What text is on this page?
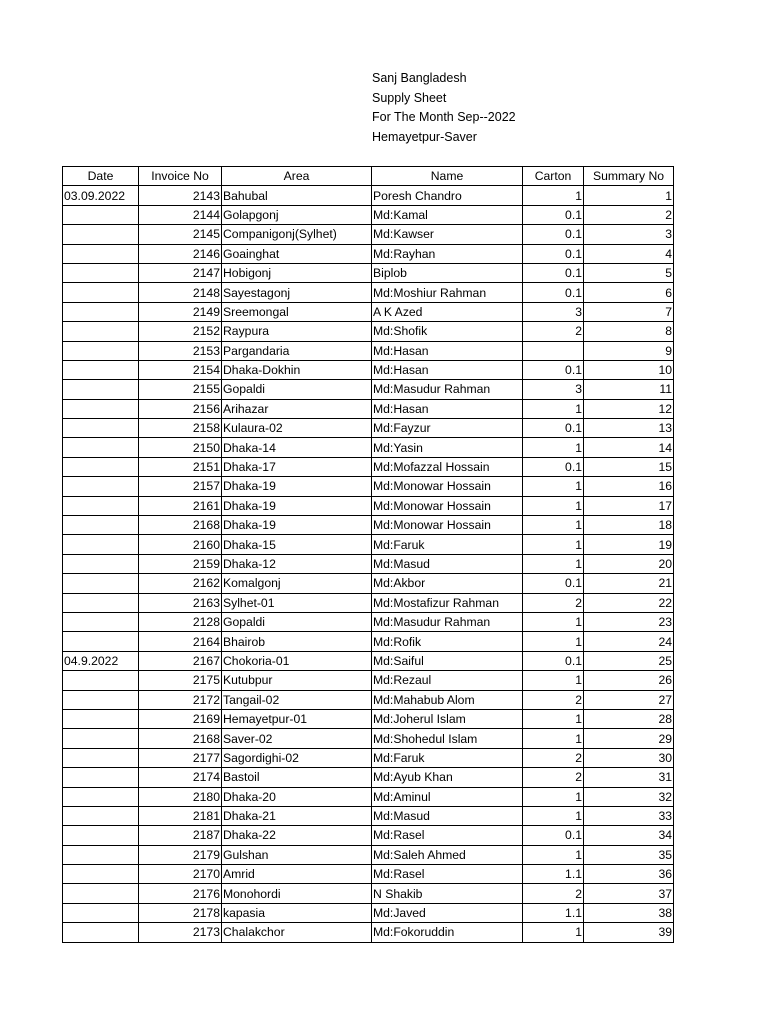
Sanj Bangladesh
Supply Sheet
For The Month Sep--2022
Hemayetpur-Saver
Date	Invoice No	Area	Name	Carton	Summary No
03.09.2022	2143	Bahubal	Poresh Chandro	1	1
	2144	Golapgonj	Md:Kamal	0.1	2
	2145	Companigonj(Sylhet)	Md:Kawser	0.1	3
	2146	Goainghat	Md:Rayhan	0.1	4
	2147	Hobigonj	Biplob	0.1	5
	2148	Sayestagonj	Md:Moshiur Rahman	0.1	6
	2149	Sreemongal	A K Azed	3	7
	2152	Raypura	Md:Shofik	2	8
	2153	Pargandaria	Md:Hasan		9
	2154	Dhaka-Dokhin	Md:Hasan	0.1	10
	2155	Gopaldi	Md:Masudur Rahman	3	11
	2156	Arihazar	Md:Hasan	1	12
	2158	Kulaura-02	Md:Fayzur	0.1	13
	2150	Dhaka-14	Md:Yasin	1	14
	2151	Dhaka-17	Md:Mofazzal Hossain	0.1	15
	2157	Dhaka-19	Md:Monowar Hossain	1	16
	2161	Dhaka-19	Md:Monowar Hossain	1	17
	2168	Dhaka-19	Md:Monowar Hossain	1	18
	2160	Dhaka-15	Md:Faruk	1	19
	2159	Dhaka-12	Md:Masud	1	20
	2162	Komalgonj	Md:Akbor	0.1	21
	2163	Sylhet-01	Md:Mostafizur Rahman	2	22
	2128	Gopaldi	Md:Masudur Rahman	1	23
	2164	Bhairob	Md:Rofik	1	24
04.9.2022	2167	Chokoria-01	Md:Saiful	0.1	25
	2175	Kutubpur	Md:Rezaul	1	26
	2172	Tangail-02	Md:Mahabub Alom	2	27
	2169	Hemayetpur-01	Md:Joherul Islam	1	28
	2168	Saver-02	Md:Shohedul Islam	1	29
	2177	Sagordighi-02	Md:Faruk	2	30
	2174	Bastoil	Md:Ayub Khan	2	31
	2180	Dhaka-20	Md:Aminul	1	32
	2181	Dhaka-21	Md:Masud	1	33
	2187	Dhaka-22	Md:Rasel	0.1	34
	2179	Gulshan	Md:Saleh Ahmed	1	35
	2170	Amrid	Md:Rasel	1.1	36
	2176	Monohordi	N Shakib	2	37
	2178	kapasia	Md:Javed	1.1	38
	2173	Chalakchor	Md:Fokoruddin	1	39
